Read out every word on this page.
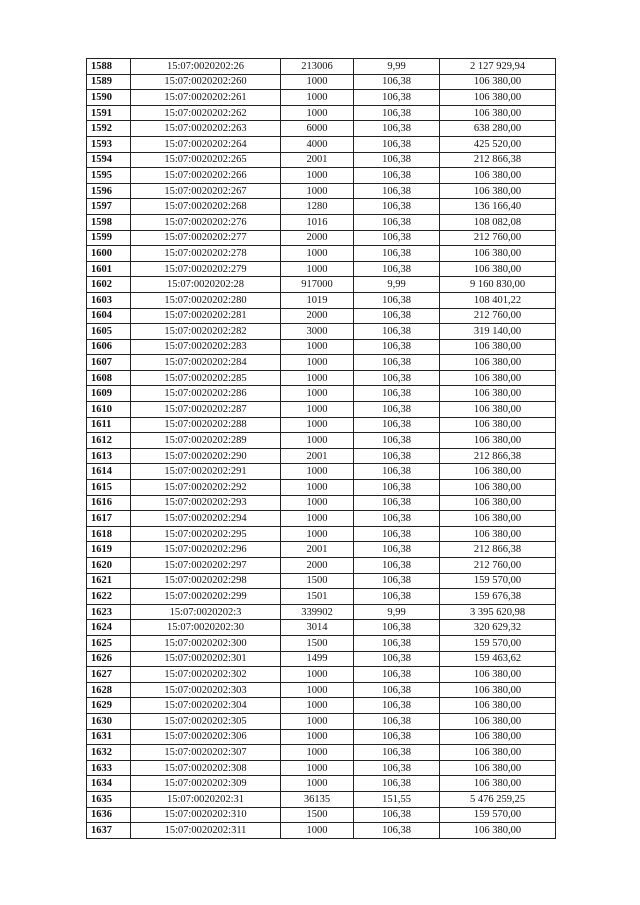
1588	15:07:0020202:26	213006	9,99	2 127 929,94
1589	15:07:0020202:260	1000	106,38	106 380,00
1590	15:07:0020202:261	1000	106,38	106 380,00
1591	15:07:0020202:262	1000	106,38	106 380,00
1592	15:07:0020202:263	6000	106,38	638 280,00
1593	15:07:0020202:264	4000	106,38	425 520,00
1594	15:07:0020202:265	2001	106,38	212 866,38
1595	15:07:0020202:266	1000	106,38	106 380,00
1596	15:07:0020202:267	1000	106,38	106 380,00
1597	15:07:0020202:268	1280	106,38	136 166,40
1598	15:07:0020202:276	1016	106,38	108 082,08
1599	15:07:0020202:277	2000	106,38	212 760,00
1600	15:07:0020202:278	1000	106,38	106 380,00
1601	15:07:0020202:279	1000	106,38	106 380,00
1602	15:07:0020202:28	917000	9,99	9 160 830,00
1603	15:07:0020202:280	1019	106,38	108 401,22
1604	15:07:0020202:281	2000	106,38	212 760,00
1605	15:07:0020202:282	3000	106,38	319 140,00
1606	15:07:0020202:283	1000	106,38	106 380,00
1607	15:07:0020202:284	1000	106,38	106 380,00
1608	15:07:0020202:285	1000	106,38	106 380,00
1609	15:07:0020202:286	1000	106,38	106 380,00
1610	15:07:0020202:287	1000	106,38	106 380,00
1611	15:07:0020202:288	1000	106,38	106 380,00
1612	15:07:0020202:289	1000	106,38	106 380,00
1613	15:07:0020202:290	2001	106,38	212 866,38
1614	15:07:0020202:291	1000	106,38	106 380,00
1615	15:07:0020202:292	1000	106,38	106 380,00
1616	15:07:0020202:293	1000	106,38	106 380,00
1617	15:07:0020202:294	1000	106,38	106 380,00
1618	15:07:0020202:295	1000	106,38	106 380,00
1619	15:07:0020202:296	2001	106,38	212 866,38
1620	15:07:0020202:297	2000	106,38	212 760,00
1621	15:07:0020202:298	1500	106,38	159 570,00
1622	15:07:0020202:299	1501	106,38	159 676,38
1623	15:07:0020202:3	339902	9,99	3 395 620,98
1624	15:07:0020202:30	3014	106,38	320 629,32
1625	15:07:0020202:300	1500	106,38	159 570,00
1626	15:07:0020202:301	1499	106,38	159 463,62
1627	15:07:0020202:302	1000	106,38	106 380,00
1628	15:07:0020202:303	1000	106,38	106 380,00
1629	15:07:0020202:304	1000	106,38	106 380,00
1630	15:07:0020202:305	1000	106,38	106 380,00
1631	15:07:0020202:306	1000	106,38	106 380,00
1632	15:07:0020202:307	1000	106,38	106 380,00
1633	15:07:0020202:308	1000	106,38	106 380,00
1634	15:07:0020202:309	1000	106,38	106 380,00
1635	15:07:0020202:31	36135	151,55	5 476 259,25
1636	15:07:0020202:310	1500	106,38	159 570,00
1637	15:07:0020202:311	1000	106,38	106 380,00
